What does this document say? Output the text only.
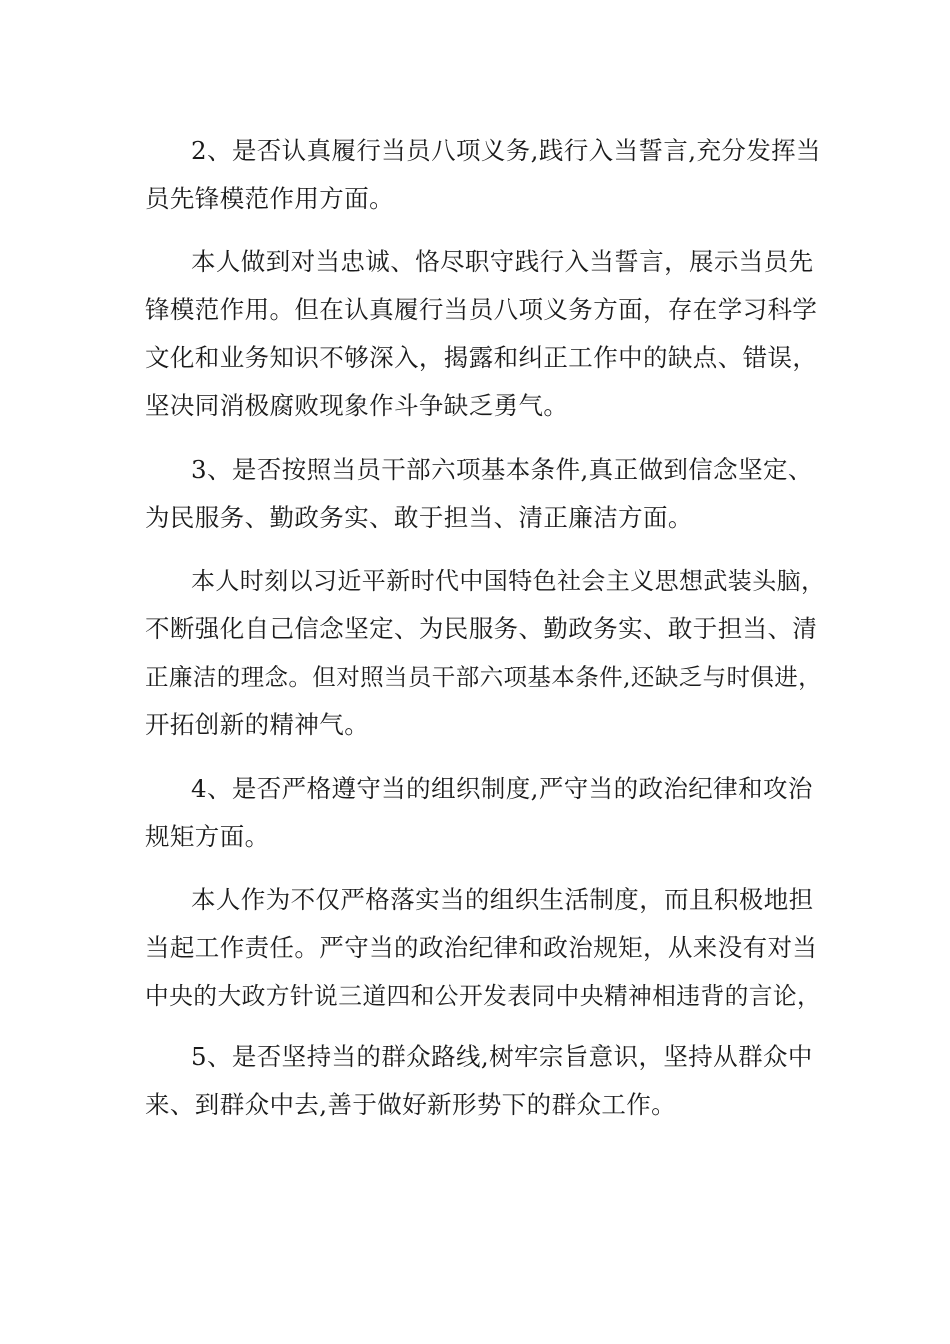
2、是否认真履行当员八项义务,践行入当誓言,充分发挥当
员先锋模范作用方面。

本人做到对当忠诚、恪尽职守践行入当誓言，展示当员先
锋模范作用。但在认真履行当员八项义务方面，存在学习科学
文化和业务知识不够深入，揭露和纠正工作中的缺点、错误，
坚决同消极腐败现象作斗争缺乏勇气。

3、是否按照当员干部六项基本条件,真正做到信念坚定、
为民服务、勤政务实、敢于担当、清正廉洁方面。

本人时刻以习近平新时代中国特色社会主义思想武装头脑，
不断强化自己信念坚定、为民服务、勤政务实、敢于担当、清
正廉洁的理念。但对照当员干部六项基本条件,还缺乏与时俱进，
开拓创新的精神气。

4、是否严格遵守当的组织制度,严守当的政治纪律和攻治
规矩方面。

本人作为不仅严格落实当的组织生活制度，而且积极地担
当起工作责任。严守当的政治纪律和政治规矩，从来没有对当
中央的大政方针说三道四和公开发表同中央精神相违背的言论，

5、是否坚持当的群众路线,树牢宗旨意识，坚持从群众中
来、到群众中去,善于做好新形势下的群众工作。
